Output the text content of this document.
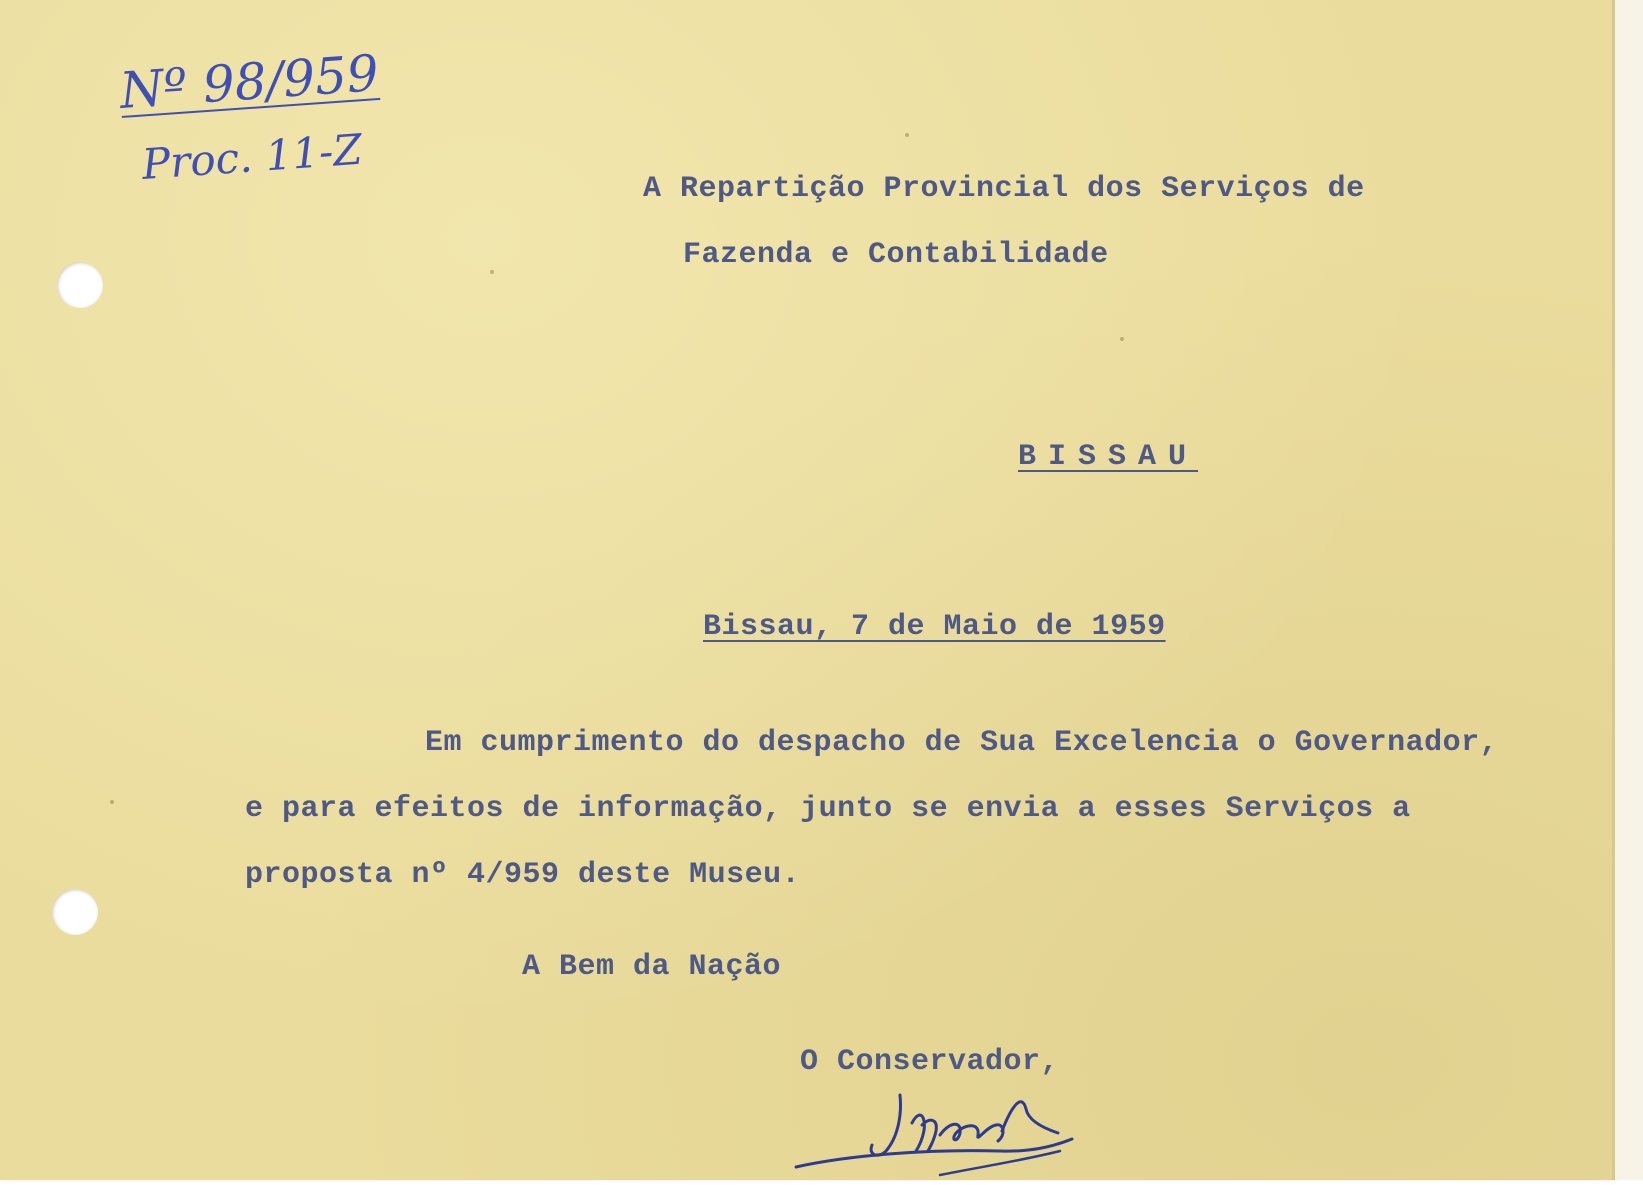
Nº 98/959

Proc. 11-Z

A Repartição Provincial dos Serviços de

Fazenda e Contabilidade

BISSAU

Bissau, 7 de Maio de 1959

Em cumprimento do despacho de Sua Excelencia o Governador,

e para efeitos de informação, junto se envia a esses Serviços a

proposta nº 4/959 deste Museu.

A Bem da Nação

O Conservador,
